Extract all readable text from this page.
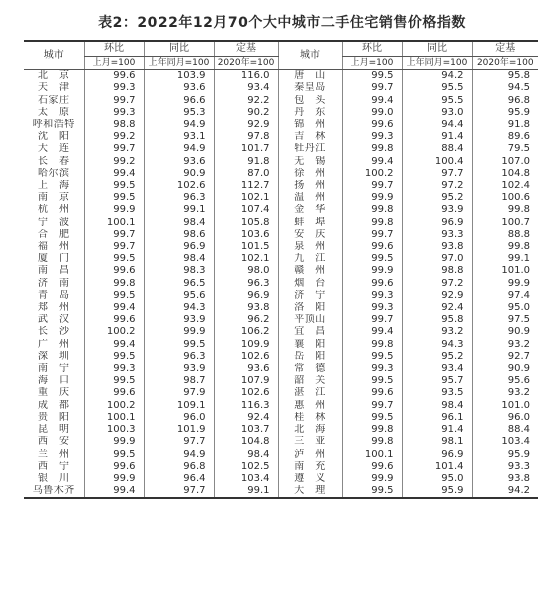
表2：2022年12月70个大中城市二手住宅销售价格指数
城市	环比	同比	定基	城市	环比	同比	定基
	上月=100	上年同月=100	2020年=100		上月=100	上年同月=100	2020年=100
北　京	99.6	103.9	116.0	唐　山	99.5	94.2	95.8
天　津	99.3	93.6	93.4	秦皇岛	99.7	95.5	94.5
石家庄	99.7	96.6	92.2	包　头	99.4	95.5	96.8
太　原	99.3	95.3	90.2	丹　东	99.0	93.0	95.9
呼和浩特	98.8	94.9	92.9	锦　州	99.6	94.4	91.8
沈　阳	99.2	93.1	97.8	吉　林	99.3	91.4	89.6
大　连	99.7	94.9	101.7	牡丹江	99.8	88.4	79.5
长　春	99.2	93.6	91.8	无　锡	99.4	100.4	107.0
哈尔滨	99.4	90.9	87.0	徐　州	100.2	97.7	104.8
上　海	99.5	102.6	112.7	扬　州	99.7	97.2	102.4
南　京	99.5	96.3	102.1	温　州	99.9	95.2	100.6
杭　州	99.9	99.1	107.4	金　华	99.8	93.9	99.8
宁　波	100.1	98.4	105.8	蚌　埠	99.8	96.9	100.7
合　肥	99.7	98.6	103.6	安　庆	99.7	93.3	88.8
福　州	99.7	96.9	101.5	泉　州	99.6	93.8	99.8
厦　门	99.5	98.4	102.1	九　江	99.5	97.0	99.1
南　昌	99.6	98.3	98.0	赣　州	99.9	98.8	101.0
济　南	99.8	96.5	96.3	烟　台	99.6	97.2	99.9
青　岛	99.5	95.6	96.9	济　宁	99.3	92.9	97.4
郑　州	99.4	94.3	93.8	洛　阳	99.3	92.4	95.0
武　汉	99.6	93.9	96.2	平顶山	99.7	95.8	97.5
长　沙	100.2	99.9	106.2	宜　昌	99.4	93.2	90.9
广　州	99.4	99.5	109.9	襄　阳	99.8	94.3	93.2
深　圳	99.5	96.3	102.6	岳　阳	99.5	95.2	92.7
南　宁	99.3	93.9	93.6	常　德	99.3	93.4	90.9
海　口	99.5	98.7	107.9	韶　关	99.5	95.7	95.6
重　庆	99.6	97.9	102.6	湛　江	99.6	93.5	93.2
成　都	100.2	109.1	116.3	惠　州	99.7	98.4	101.0
贵　阳	100.1	96.0	92.4	桂　林	99.5	96.1	96.0
昆　明	100.3	101.9	103.7	北　海	99.8	91.4	88.4
西　安	99.9	97.7	104.8	三　亚	99.8	98.1	103.4
兰　州	99.5	94.9	98.4	泸　州	100.1	96.9	95.9
西　宁	99.6	96.8	102.5	南　充	99.6	101.4	93.3
银　川	99.9	96.4	103.4	遵　义	99.9	95.0	93.8
乌鲁木齐	99.4	97.7	99.1	大　理	99.5	95.9	94.2
